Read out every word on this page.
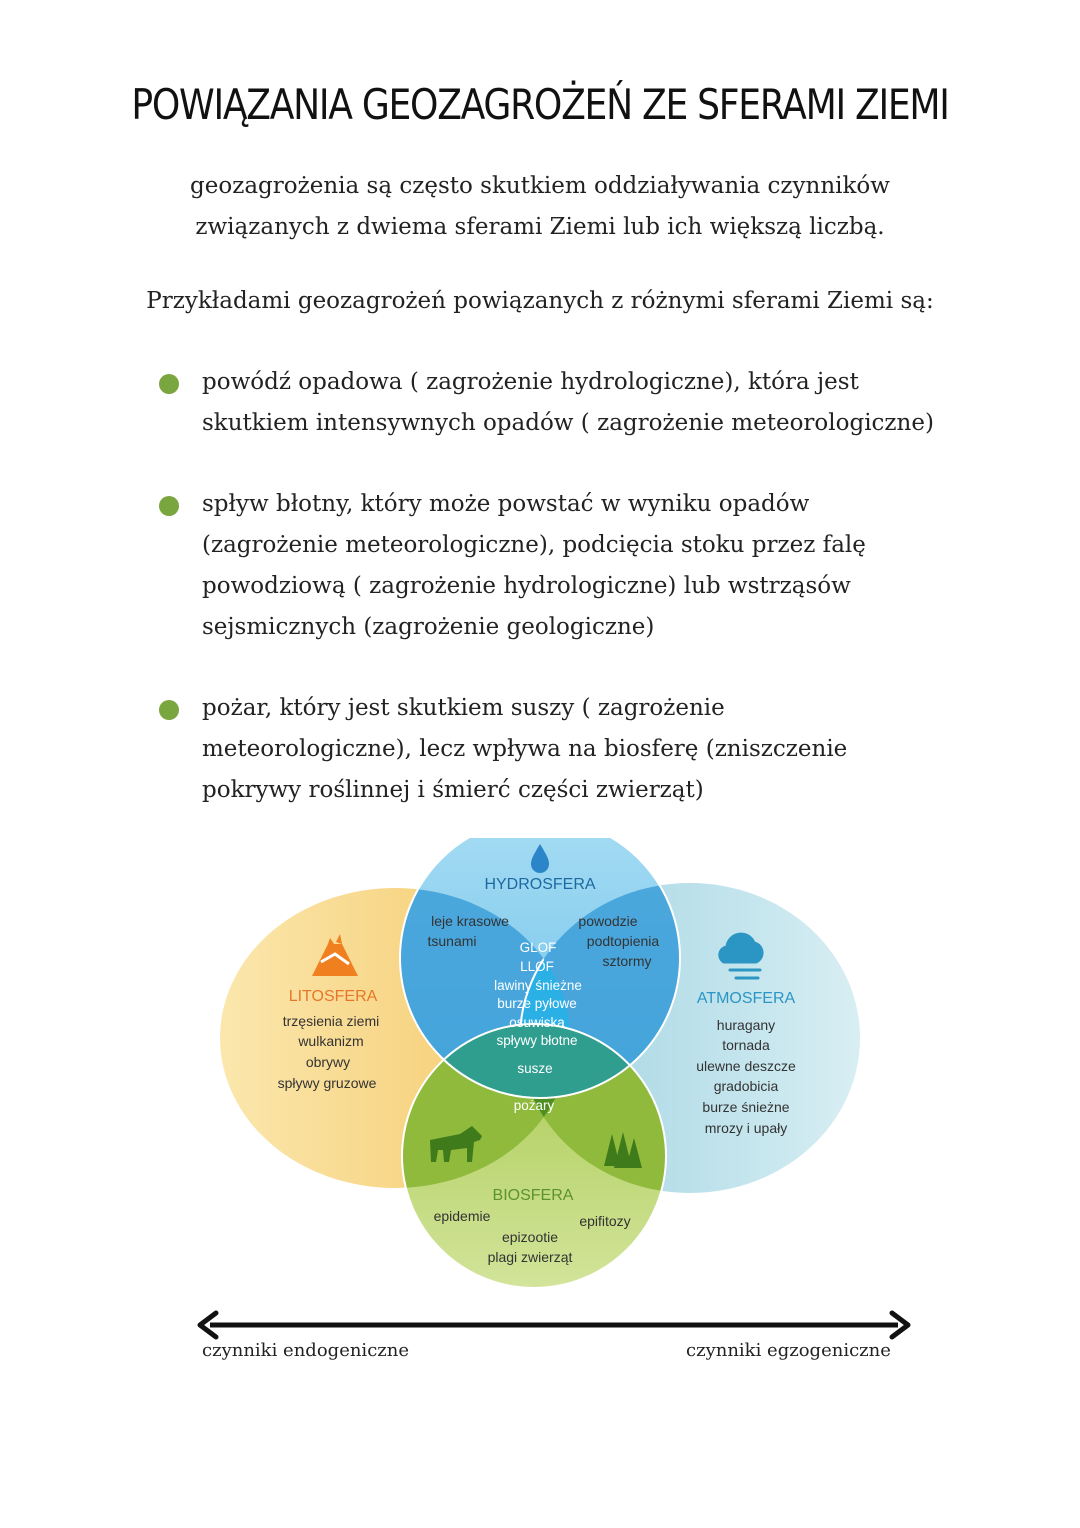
POWIĄZANIA GEOZAGROŻEŃ ZE SFERAMI ZIEMI

geozagrożenia są często skutkiem oddziaływania czynników
związanych z dwiema sferami Ziemi lub ich większą liczbą.

Przykładami geozagrożeń powiązanych z różnymi sferami Ziemi są:

powódź opadowa ( zagrożenie hydrologiczne), która jest
skutkiem intensywnych opadów ( zagrożenie meteorologiczne)
spływ błotny, który może powstać w wyniku opadów
(zagrożenie meteorologiczne), podcięcia stoku przez falę
powodziową ( zagrożenie hydrologiczne) lub wstrząsów
sejsmicznych (zagrożenie geologiczne)
pożar, który jest skutkiem suszy ( zagrożenie
meteorologiczne), lecz wpływa na biosferę (zniszczenie
pokrywy roślinnej i śmierć części zwierząt)
HYDROSFERA
LITOSFERA	ATMOSFERA
BIOSFERA
trzęsienia ziemi
wulkanizm
obrywy
spływy gruzowe
huragany
tornada
ulewne deszcze
gradobicia
burze śnieżne
mrozy i upały
epidemie	epifitozy
epizootie
plagi zwierząt
leje krasowe
tsunami
powodzie
podtopienia
sztormy
GLOF
LLOF
lawiny śnieżne
burze pyłowe
osuwiska
spływy błotne
susze
pożary
czynniki endogeniczne	czynniki egzogeniczne
